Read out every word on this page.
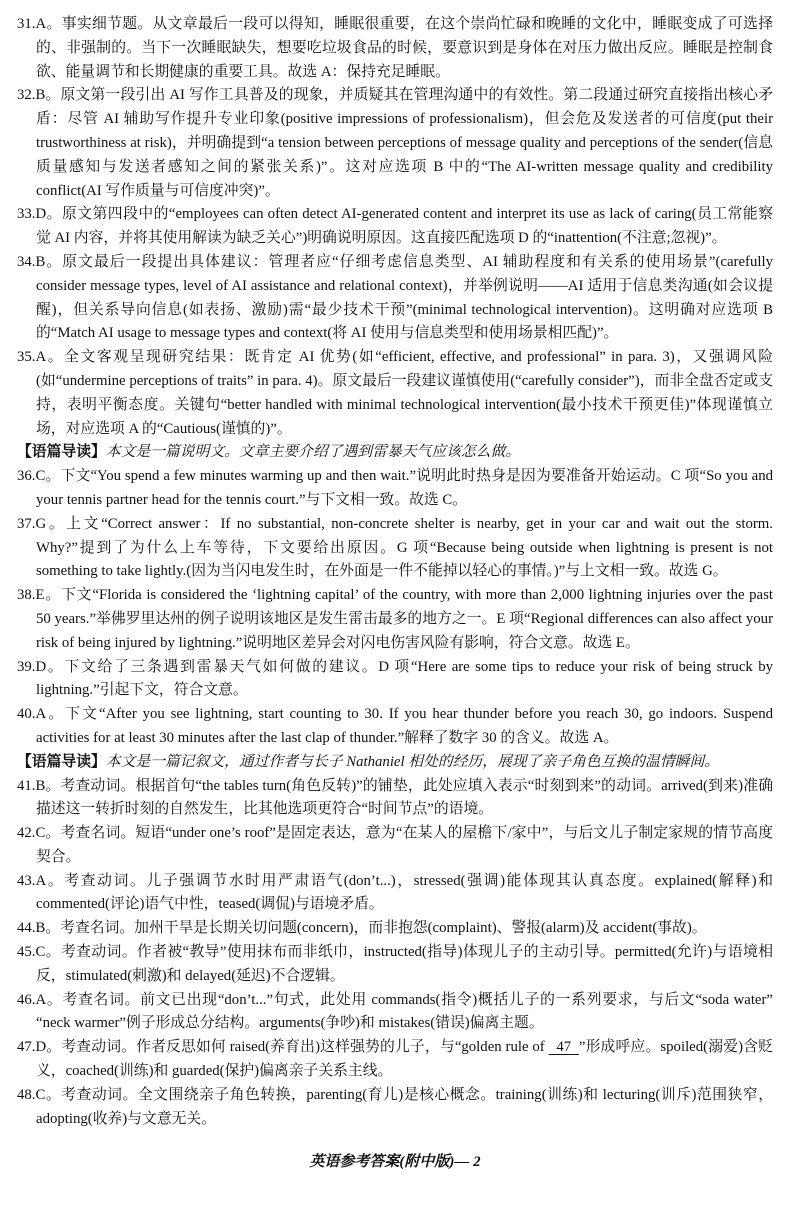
31.A。事实细节题。从文章最后一段可以得知，睡眠很重要，在这个崇尚忙碌和晚睡的文化中，睡眠变成了可选择的、非强制的。当下一次睡眠缺失，想要吃垃圾食品的时候，要意识到是身体在对压力做出反应。睡眠是控制食欲、能量调节和长期健康的重要工具。故选 A：保持充足睡眠。

32.B。原文第一段引出 AI 写作工具普及的现象，并质疑其在管理沟通中的有效性。第二段通过研究直接指出核心矛盾：尽管 AI 辅助写作提升专业印象(positive impressions of professionalism)，但会危及发送者的可信度(put their trustworthiness at risk)，并明确提到“a tension between perceptions of message quality and perceptions of the sender(信息质量感知与发送者感知之间的紧张关系)”。这对应选项 B 中的“The AI-written message quality and credibility conflict(AI 写作质量与可信度冲突)”。

33.D。原文第四段中的“employees can often detect AI-generated content and interpret its use as lack of caring(员工常能察觉 AI 内容，并将其使用解读为缺乏关心”)明确说明原因。这直接匹配选项 D 的“inattention(不注意;忽视)”。

34.B。原文最后一段提出具体建议：管理者应“仔细考虑信息类型、AI 辅助程度和有关系的使用场景”(carefully consider message types, level of AI assistance and relational context)，并举例说明——AI 适用于信息类沟通(如会议提醒)，但关系导向信息(如表扬、激励)需“最少技术干预”(minimal technological intervention)。这明确对应选项 B 的“Match AI usage to message types and context(将 AI 使用与信息类型和使用场景相匹配)”。

35.A。全文客观呈现研究结果：既肯定 AI 优势(如“efficient, effective, and professional” in para. 3)，又强调风险(如“undermine perceptions of traits” in para. 4)。原文最后一段建议谨慎使用(“carefully consider”)，而非全盘否定或支持，表明平衡态度。关键句“better handled with minimal technological intervention(最小技术干预更佳)”体现谨慎立场，对应选项 A 的“Cautious(谨慎的)”。

【语篇导读】本文是一篇说明文。文章主要介绍了遇到雷暴天气应该怎么做。

36.C。下文“You spend a few minutes warming up and then wait.”说明此时热身是因为要准备开始运动。C 项“So you and your tennis partner head for the tennis court.”与下文相一致。故选 C。

37.G。上文“Correct answer：If no substantial, non-concrete shelter is nearby, get in your car and wait out the storm. Why?”提到了为什么上车等待，下文要给出原因。G 项“Because being outside when lightning is present is not something to take lightly.(因为当闪电发生时，在外面是一件不能掉以轻心的事情。)”与上文相一致。故选 G。

38.E。下文“Florida is considered the ‘lightning capital’ of the country, with more than 2,000 lightning injuries over the past 50 years.”举佛罗里达州的例子说明该地区是发生雷击最多的地方之一。E 项“Regional differences can also affect your risk of being injured by lightning.”说明地区差异会对闪电伤害风险有影响，符合文意。故选 E。

39.D。下文给了三条遇到雷暴天气如何做的建议。D 项“Here are some tips to reduce your risk of being struck by lightning.”引起下文，符合文意。

40.A。下文“After you see lightning, start counting to 30. If you hear thunder before you reach 30, go indoors. Suspend activities for at least 30 minutes after the last clap of thunder.”解释了数字 30 的含义。故选 A。

【语篇导读】本文是一篇记叙文，通过作者与长子 Nathaniel 相处的经历，展现了亲子角色互换的温情瞬间。

41.B。考查动词。根据首句“the tables turn(角色反转)”的铺垫，此处应填入表示“时刻到来”的动词。arrived(到来)准确描述这一转折时刻的自然发生，比其他选项更符合“时间节点”的语境。

42.C。考查名词。短语“under one’s roof”是固定表达，意为“在某人的屋檐下/家中”，与后文儿子制定家规的情节高度契合。

43.A。考查动词。儿子强调节水时用严肃语气(don’t...)，stressed(强调)能体现其认真态度。explained(解释)和 commented(评论)语气中性，teased(调侃)与语境矛盾。

44.B。考查名词。加州干旱是长期关切问题(concern)，而非抱怨(complaint)、警报(alarm)及 accident(事故)。

45.C。考查动词。作者被“教导”使用抹布而非纸巾，instructed(指导)体现儿子的主动引导。permitted(允许)与语境相反，stimulated(刺激)和 delayed(延迟)不合逻辑。

46.A。考查名词。前文已出现“don’t...”句式，此处用 commands(指令)概括儿子的一系列要求，与后文“soda water” “neck warmer”例子形成总分结构。arguments(争吵)和 mistakes(错误)偏离主题。

47.D。考查动词。作者反思如何 raised(养育出)这样强势的儿子，与“golden rule of   47  ”形成呼应。spoiled(溺爱)含贬义，coached(训练)和 guarded(保护)偏离亲子关系主线。

48.C。考查动词。全文围绕亲子角色转换，parenting(育儿)是核心概念。training(训练)和 lecturing(训斥)范围狭窄，adopting(收养)与文意无关。

英语参考答案(附中版)— 2
